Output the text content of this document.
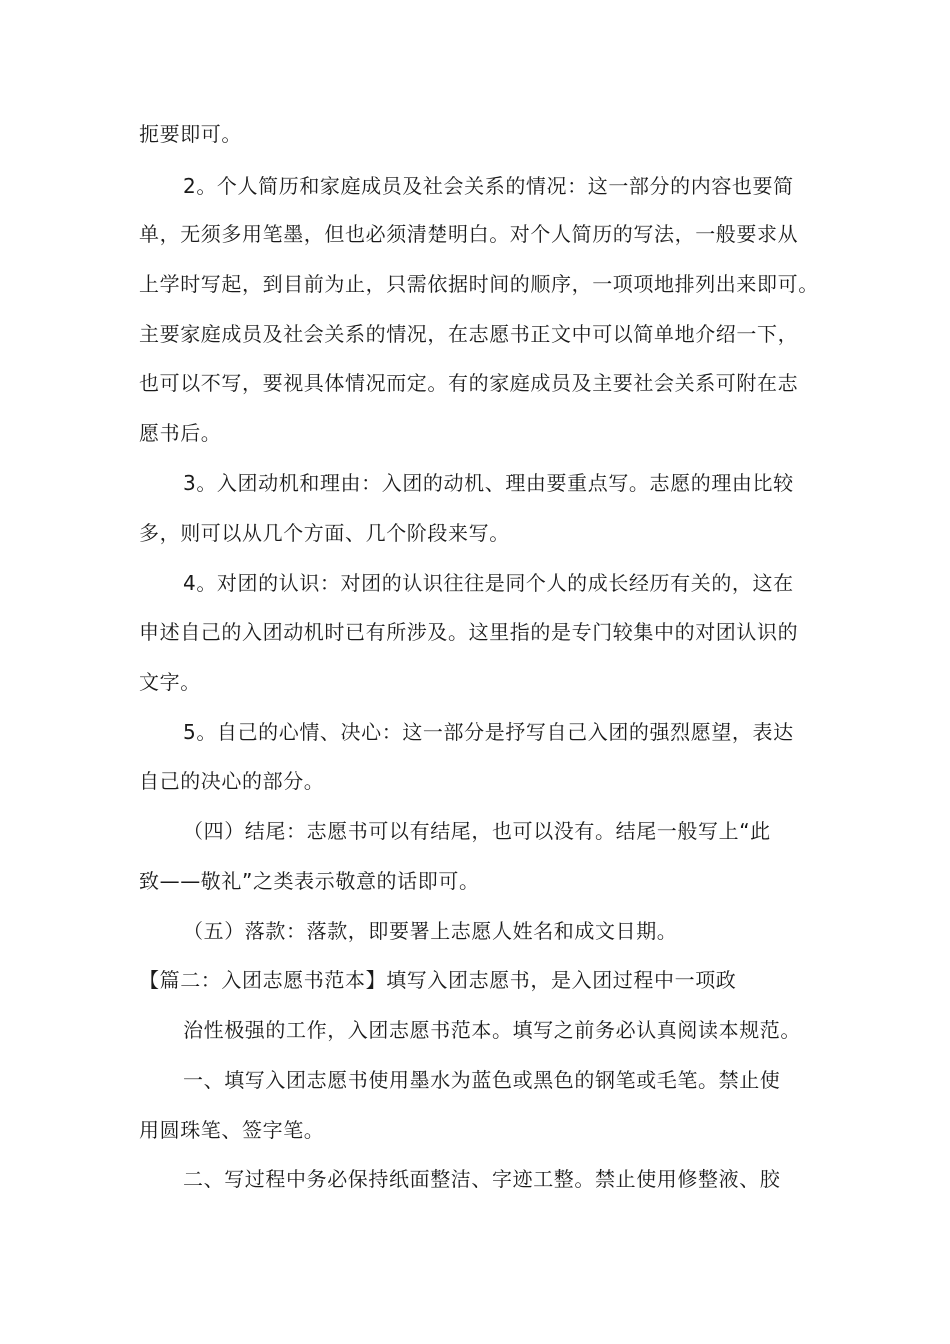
扼要即可。
2。个人简历和家庭成员及社会关系的情况：这一部分的内容也要简
单，无须多用笔墨，但也必须清楚明白。对个人简历的写法，一般要求从
上学时写起，到目前为止，只需依据时间的顺序，一项项地排列出来即可。
主要家庭成员及社会关系的情况，在志愿书正文中可以简单地介绍一下，
也可以不写，要视具体情况而定。有的家庭成员及主要社会关系可附在志
愿书后。
3。入团动机和理由：入团的动机、理由要重点写。志愿的理由比较
多，则可以从几个方面、几个阶段来写。
4。对团的认识：对团的认识往往是同个人的成长经历有关的，这在
申述自己的入团动机时已有所涉及。这里指的是专门较集中的对团认识的
文字。
5。自己的心情、决心：这一部分是抒写自己入团的强烈愿望，表达
自己的决心的部分。
（四）结尾：志愿书可以有结尾，也可以没有。结尾一般写上“此
致——敬礼”之类表示敬意的话即可。
（五）落款：落款，即要署上志愿人姓名和成文日期。
【篇二：入团志愿书范本】填写入团志愿书，是入团过程中一项政
治性极强的工作，入团志愿书范本。填写之前务必认真阅读本规范。
一、填写入团志愿书使用墨水为蓝色或黑色的钢笔或毛笔。禁止使
用圆珠笔、签字笔。
二、写过程中务必保持纸面整洁、字迹工整。禁止使用修整液、胶
